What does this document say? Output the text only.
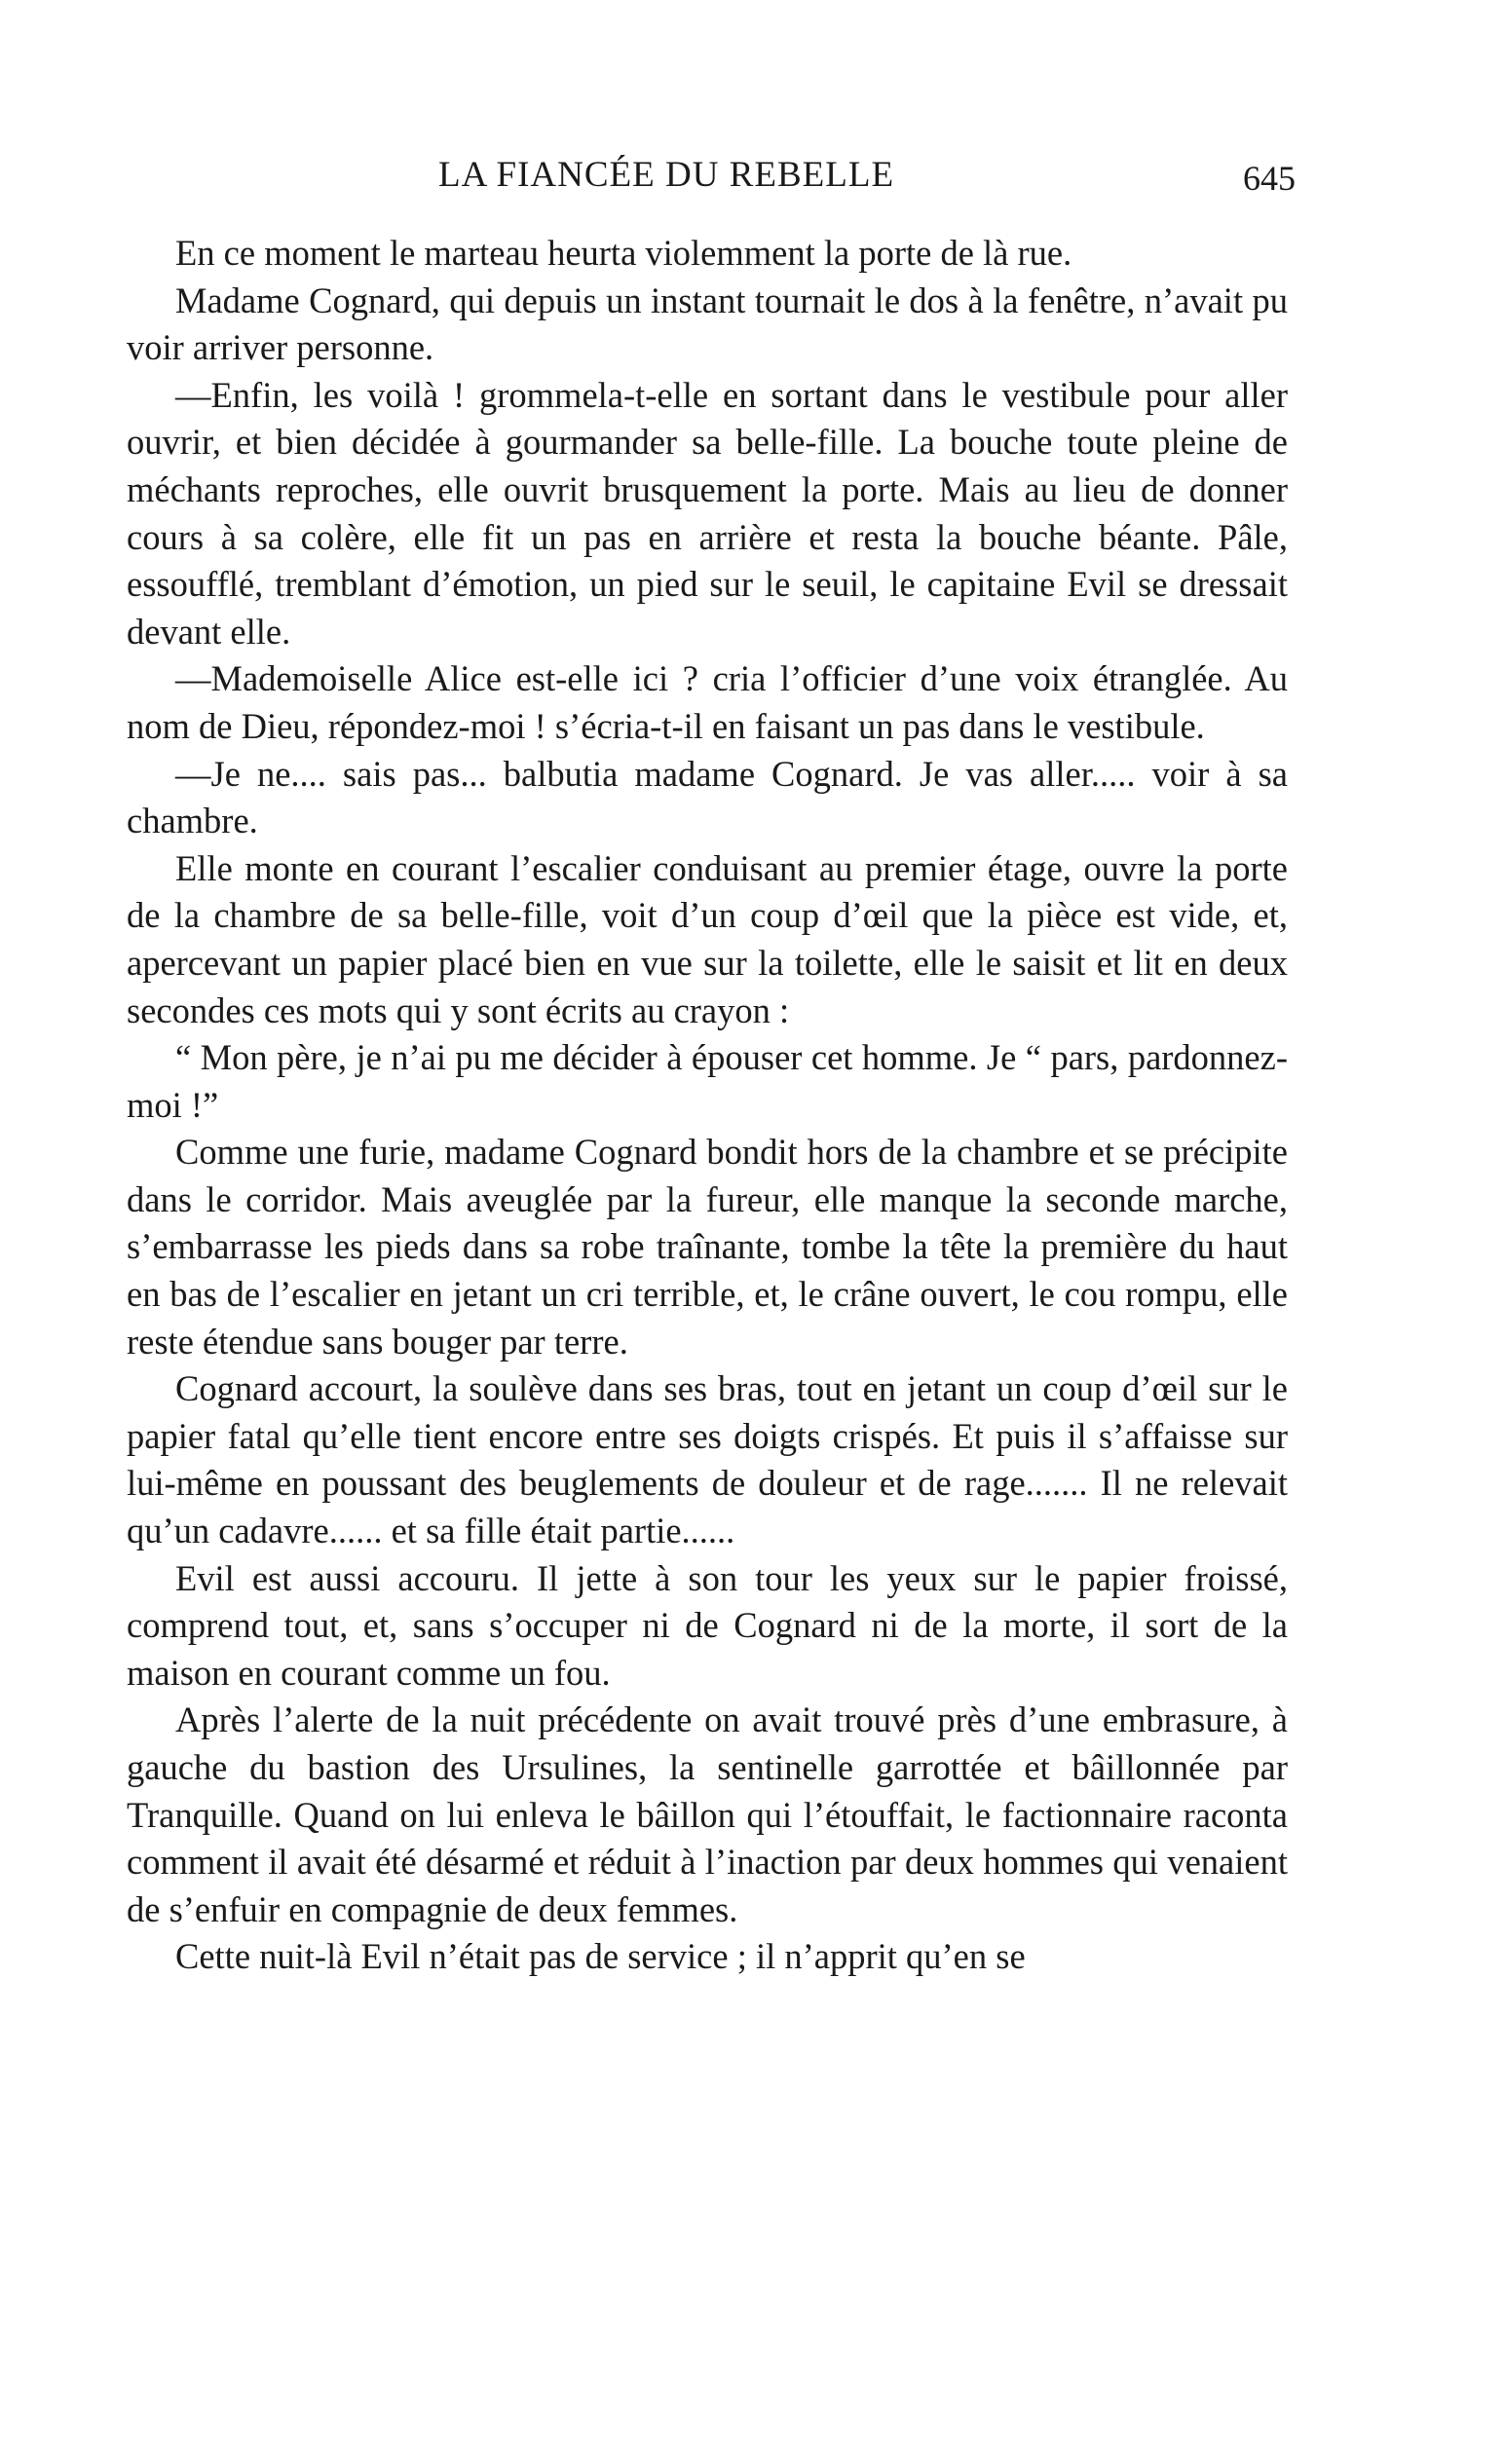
LA FIANCÉE DU REBELLE	645

En ce moment le marteau heurta violemment la porte de là rue.

Madame Cognard, qui depuis un instant tournait le dos à la fenêtre, n’avait pu voir arriver personne.

—Enfin, les voilà ! grommela-t-elle en sortant dans le vestibule pour aller ouvrir, et bien décidée à gourmander sa belle-fille. La bouche toute pleine de méchants reproches, elle ouvrit brusquement la porte. Mais au lieu de donner cours à sa colère, elle fit un pas en arrière et resta la bouche béante. Pâle, essoufflé, tremblant d’émotion, un pied sur le seuil, le capitaine Evil se dressait devant elle.

—Mademoiselle Alice est-elle ici ? cria l’officier d’une voix étranglée. Au nom de Dieu, répondez-moi ! s’écria-t-il en faisant un pas dans le vestibule.

—Je ne.... sais pas... balbutia madame Cognard. Je vas aller..... voir à sa chambre.

Elle monte en courant l’escalier conduisant au premier étage, ouvre la porte de la chambre de sa belle-fille, voit d’un coup d’œil que la pièce est vide, et, apercevant un papier placé bien en vue sur la toilette, elle le saisit et lit en deux secondes ces mots qui y sont écrits au crayon :

“ Mon père, je n’ai pu me décider à épouser cet homme. Je “ pars, pardonnez-moi !”

Comme une furie, madame Cognard bondit hors de la chambre et se précipite dans le corridor. Mais aveuglée par la fureur, elle manque la seconde marche, s’embarrasse les pieds dans sa robe traînante, tombe la tête la première du haut en bas de l’escalier en jetant un cri terrible, et, le crâne ouvert, le cou rompu, elle reste étendue sans bouger par terre.

Cognard accourt, la soulève dans ses bras, tout en jetant un coup d’œil sur le papier fatal qu’elle tient encore entre ses doigts crispés. Et puis il s’affaisse sur lui-même en poussant des beuglements de douleur et de rage....... Il ne relevait qu’un cadavre...... et sa fille était partie......

Evil est aussi accouru. Il jette à son tour les yeux sur le papier froissé, comprend tout, et, sans s’occuper ni de Cognard ni de la morte, il sort de la maison en courant comme un fou.

Après l’alerte de la nuit précédente on avait trouvé près d’une embrasure, à gauche du bastion des Ursulines, la sentinelle garrottée et bâillonnée par Tranquille. Quand on lui enleva le bâillon qui l’étouffait, le factionnaire raconta comment il avait été désarmé et réduit à l’inaction par deux hommes qui venaient de s’enfuir en compagnie de deux femmes.

Cette nuit-là Evil n’était pas de service ; il n’apprit qu’en se
